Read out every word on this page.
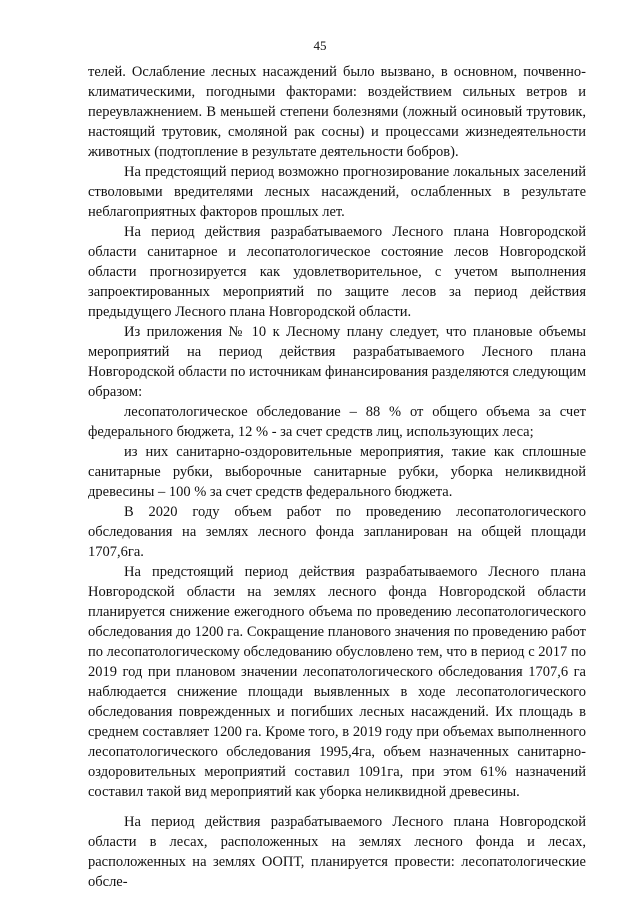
45

телей. Ослабление лесных насаждений было вызвано, в основном, почвенно-климатическими, погодными факторами: воздействием сильных ветров и переувлажнением. В меньшей степени болезнями (ложный осиновый трутовик, настоящий трутовик, смоляной рак сосны) и процессами жизнедеятельности животных (подтопление в результате деятельности бобров).

На предстоящий период возможно прогнозирование локальных заселений стволовыми вредителями лесных насаждений, ослабленных в результате неблагоприятных факторов прошлых лет.

На период действия разрабатываемого Лесного плана Новгородской области санитарное и лесопатологическое состояние лесов Новгородской области прогнозируется как удовлетворительное, с учетом выполнения запроектированных мероприятий по защите лесов за период действия предыдущего Лесного плана Новгородской области.

Из приложения № 10 к Лесному плану следует, что плановые объемы мероприятий на период действия разрабатываемого Лесного плана Новгородской области по источникам финансирования разделяются следующим образом:

лесопатологическое обследование – 88 % от общего объема за счет федерального бюджета, 12 % - за счет средств лиц, использующих леса;

из них санитарно-оздоровительные мероприятия, такие как сплошные санитарные рубки, выборочные санитарные рубки, уборка неликвидной древесины – 100 % за счет средств федерального бюджета.

В 2020 году объем работ по проведению лесопатологического обследования на землях лесного фонда запланирован на общей площади 1707,6га.

На предстоящий период действия разрабатываемого Лесного плана Новгородской области на землях лесного фонда Новгородской области планируется снижение ежегодного объема по проведению лесопатологического обследования до 1200 га. Сокращение планового значения по проведению работ по лесопатологическому обследованию обусловлено тем, что в период с 2017 по 2019 год при плановом значении лесопатологического обследования 1707,6 га наблюдается снижение площади выявленных в ходе лесопатологического обследования поврежденных и погибших лесных насаждений. Их площадь в среднем составляет 1200 га. Кроме того, в 2019 году при объемах выполненного лесопатологического обследования 1995,4га, объем назначенных санитарно-оздоровительных мероприятий составил 1091га, при этом 61% назначений составил такой вид мероприятий как уборка неликвидной древесины.

На период действия разрабатываемого Лесного плана Новгородской области в лесах, расположенных на землях лесного фонда и лесах, расположенных на землях ООПТ, планируется провести: лесопатологические обсле-
